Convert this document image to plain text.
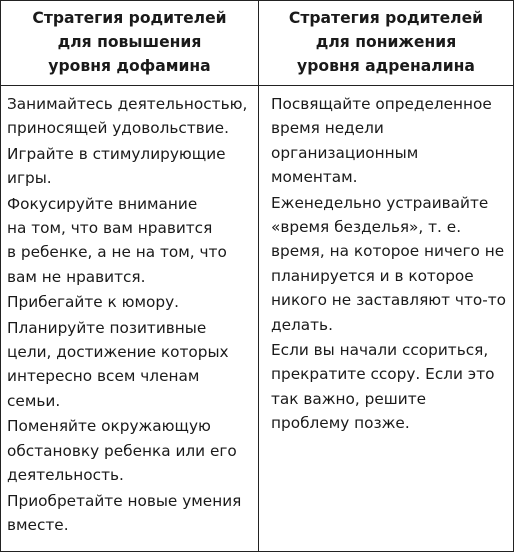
Стратегия родителей
для повышения
уровня дофамина
Стратегия родителей
для понижения
уровня адреналина
Занимайтесь деятельностью,
приносящей удовольствие.
Играйте в стимулирующие
игры.
Фокусируйте внимание
на том, что вам нравится
в ребенке, а не на том, что
вам не нравится.
Прибегайте к юмору.
Планируйте позитивные
цели, достижение которых
интересно всем членам
семьи.
Поменяйте окружающую
обстановку ребенка или его
деятельность.
Приобретайте новые умения
вместе.
Посвящайте определенное
время недели
организационным
моментам.
Еженедельно устраивайте
«время безделья», т. е.
время, на которое ничего не
планируется и в которое
никого не заставляют что-то
делать.
Если вы начали ссориться,
прекратите ссору. Если это
так важно, решите
проблему позже.
